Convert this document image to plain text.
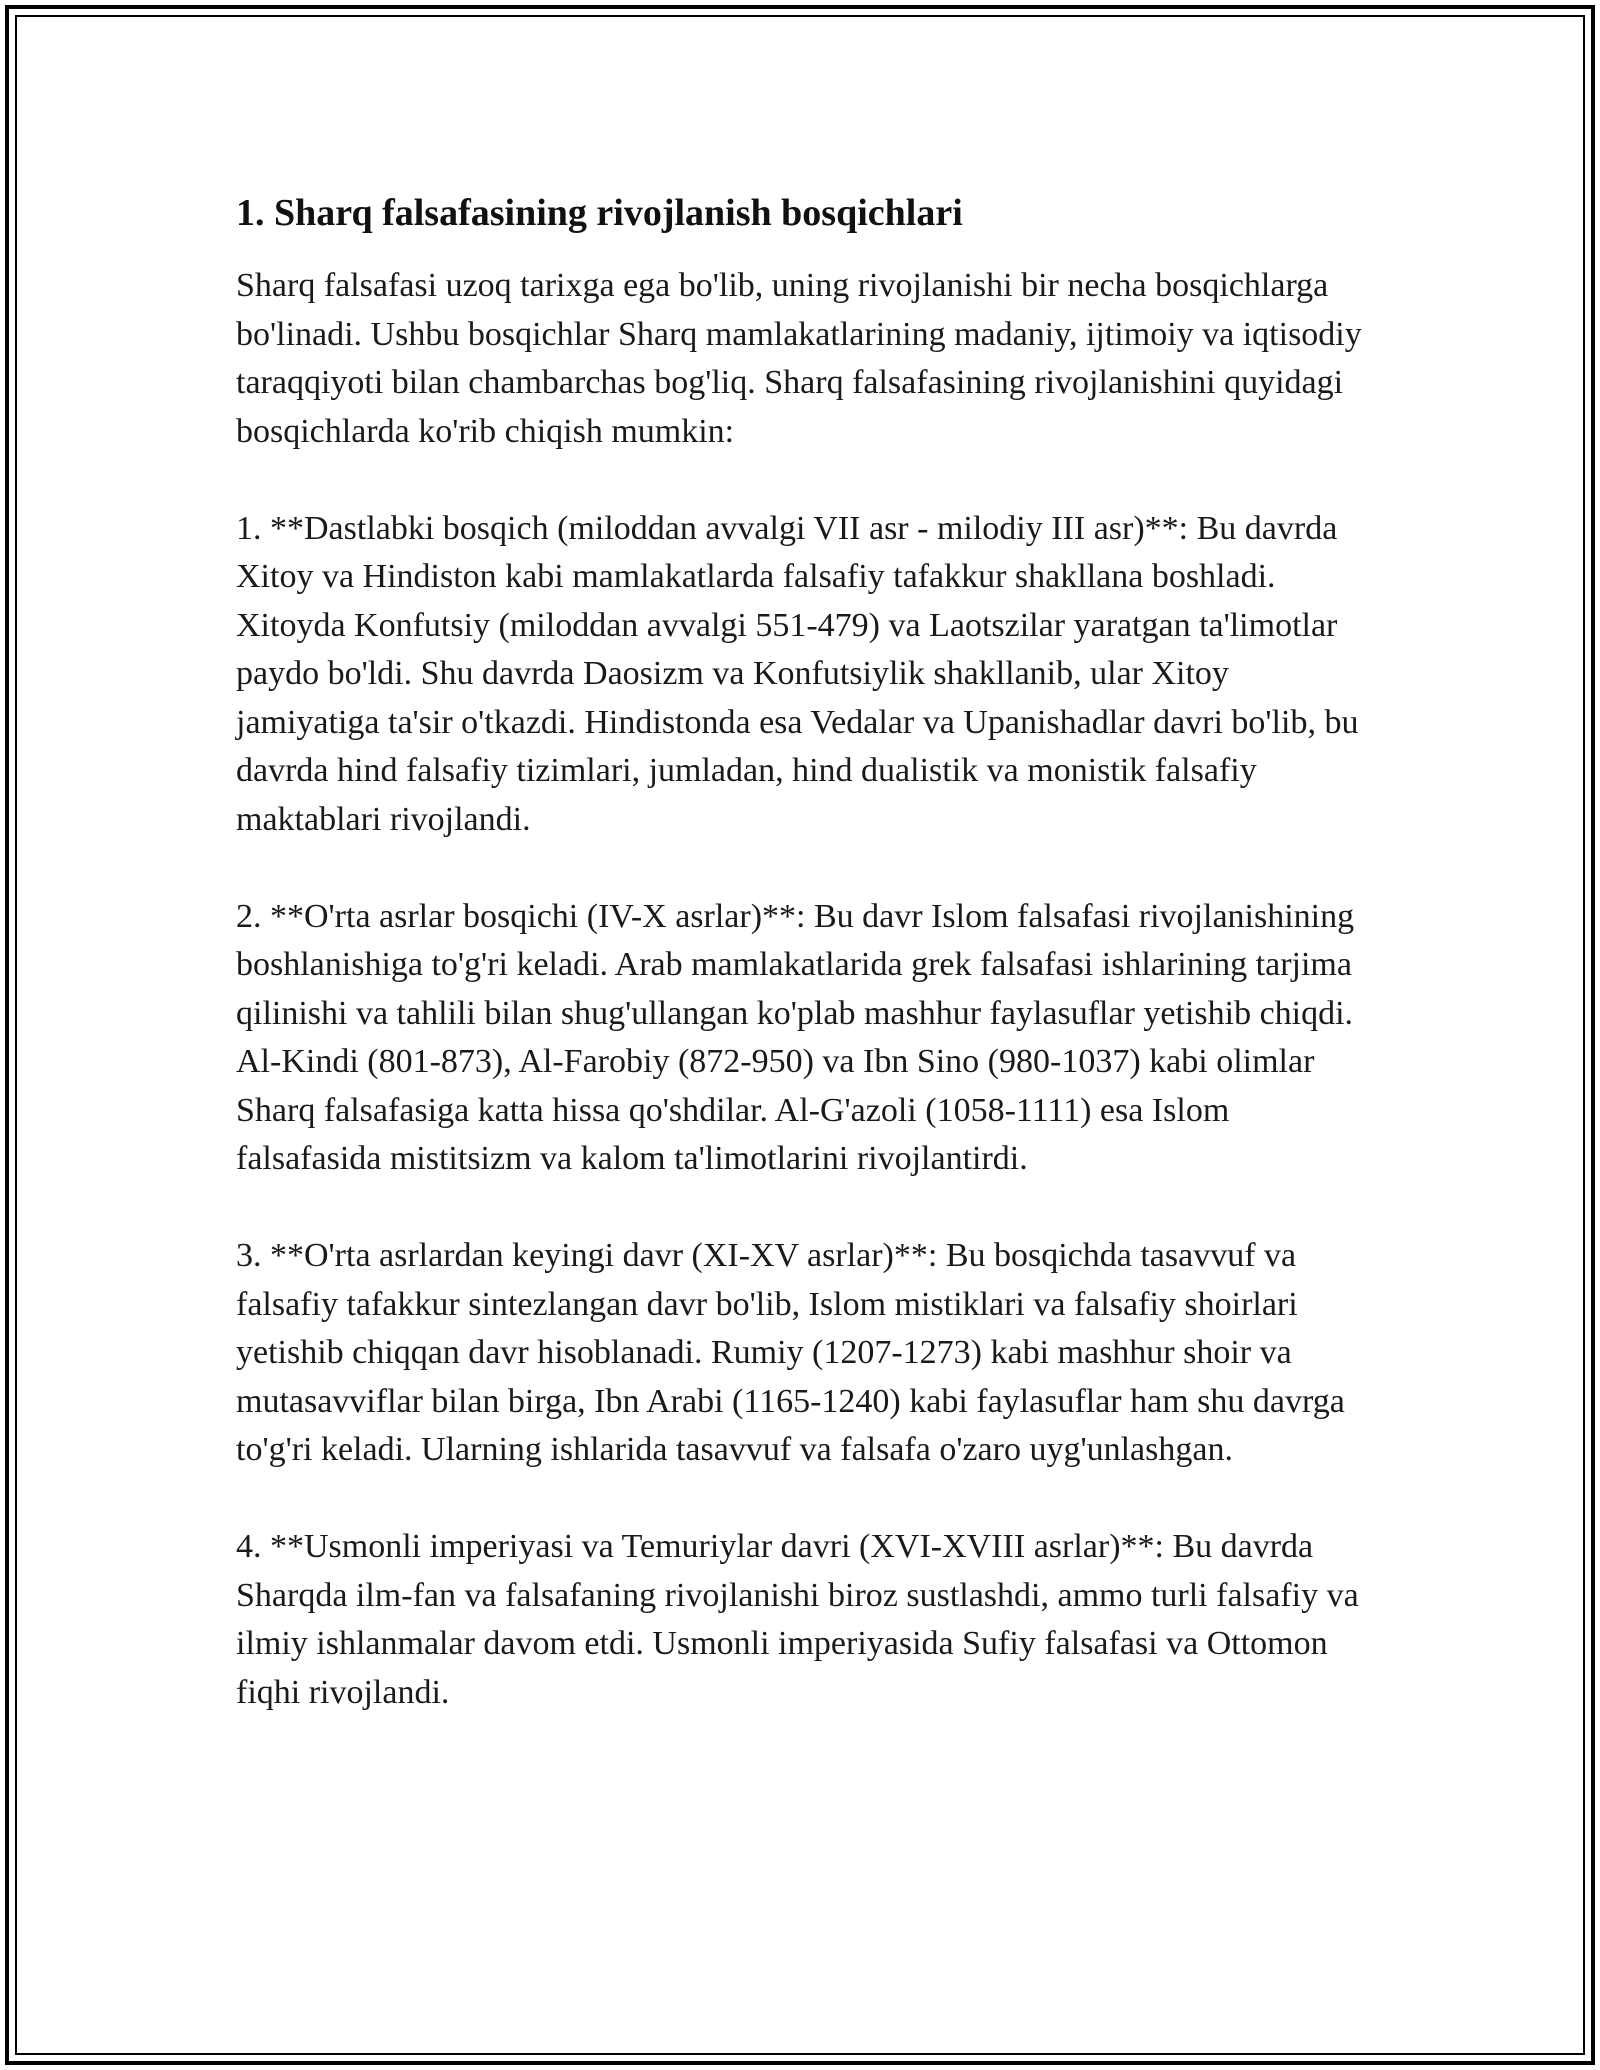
1. Sharq falsafasining rivojlanish bosqichlari

Sharq falsafasi uzoq tarixga ega bo'lib, uning rivojlanishi bir necha bosqichlarga bo'linadi. Ushbu bosqichlar Sharq mamlakatlarining madaniy, ijtimoiy va iqtisodiy taraqqiyoti bilan chambarchas bog'liq. Sharq falsafasining rivojlanishini quyidagi bosqichlarda ko'rib chiqish mumkin:

1. **Dastlabki bosqich (miloddan avvalgi VII asr - milodiy III asr)**: Bu davrda Xitoy va Hindiston kabi mamlakatlarda falsafiy tafakkur shakllana boshladi. Xitoyda Konfutsiy (miloddan avvalgi 551-479) va Laotszilar yaratgan ta'limotlar paydo bo'ldi. Shu davrda Daosizm va Konfutsiylik shakllanib, ular Xitoy jamiyatiga ta'sir o'tkazdi. Hindistonda esa Vedalar va Upanishadlar davri bo'lib, bu davrda hind falsafiy tizimlari, jumladan, hind dualistik va monistik falsafiy maktablari rivojlandi.

2. **O'rta asrlar bosqichi (IV-X asrlar)**: Bu davr Islom falsafasi rivojlanishining boshlanishiga to'g'ri keladi. Arab mamlakatlarida grek falsafasi ishlarining tarjima qilinishi va tahlili bilan shug'ullangan ko'plab mashhur faylasuflar yetishib chiqdi. Al-Kindi (801-873), Al-Farobiy (872-950) va Ibn Sino (980-1037) kabi olimlar Sharq falsafasiga katta hissa qo'shdilar. Al-G'azoli (1058-1111) esa Islom falsafasida mistitsizm va kalom ta'limotlarini rivojlantirdi.

3. **O'rta asrlardan keyingi davr (XI-XV asrlar)**: Bu bosqichda tasavvuf va falsafiy tafakkur sintezlangan davr bo'lib, Islom mistiklari va falsafiy shoirlari yetishib chiqqan davr hisoblanadi. Rumiy (1207-1273) kabi mashhur shoir va mutasavviflar bilan birga, Ibn Arabi (1165-1240) kabi faylasuflar ham shu davrga to'g'ri keladi. Ularning ishlarida tasavvuf va falsafa o'zaro uyg'unlashgan.

4. **Usmonli imperiyasi va Temuriylar davri (XVI-XVIII asrlar)**: Bu davrda Sharqda ilm-fan va falsafaning rivojlanishi biroz sustlashdi, ammo turli falsafiy va ilmiy ishlanmalar davom etdi. Usmonli imperiyasida Sufiy falsafasi va Ottomon fiqhi rivojlandi.
